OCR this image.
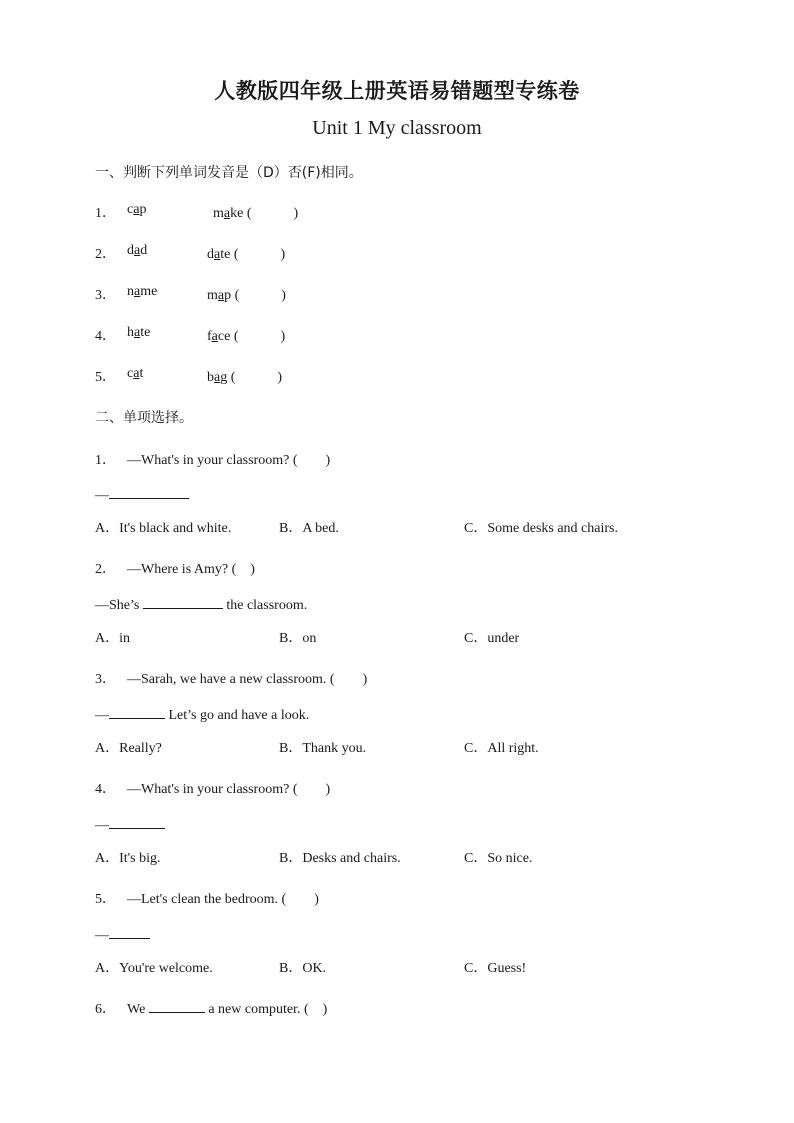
人教版四年级上册英语易错题型专练卷
Unit 1 My classroom
一、判断下列单词发音是（D）否(F)相同。
1． cap	make (　　　)
2． dad	date (　　　)
3． name	map (　　　)
4． hate	face (　　　)
5． cat	bag (　　　)
二、单项选择。
1． —What's in your classroom? (　　)
—
A．It's black and white.	B．A bed.	C．Some desks and chairs.
2． —Where is Amy? (　)
—She’s	the classroom.
A．in	B．on	C．under
3． —Sarah, we have a new classroom. (　　)
—	Let’s go and have a look.
A．Really?	B．Thank you.	C．All right.
4． —What's in your classroom? (　　)
—
A．It's big.	B．Desks and chairs.	C．So nice.
5． —Let's clean the bedroom. (　　)
—
A．You're welcome.	B．OK.	C．Guess!
6． We	a new computer. (　)
